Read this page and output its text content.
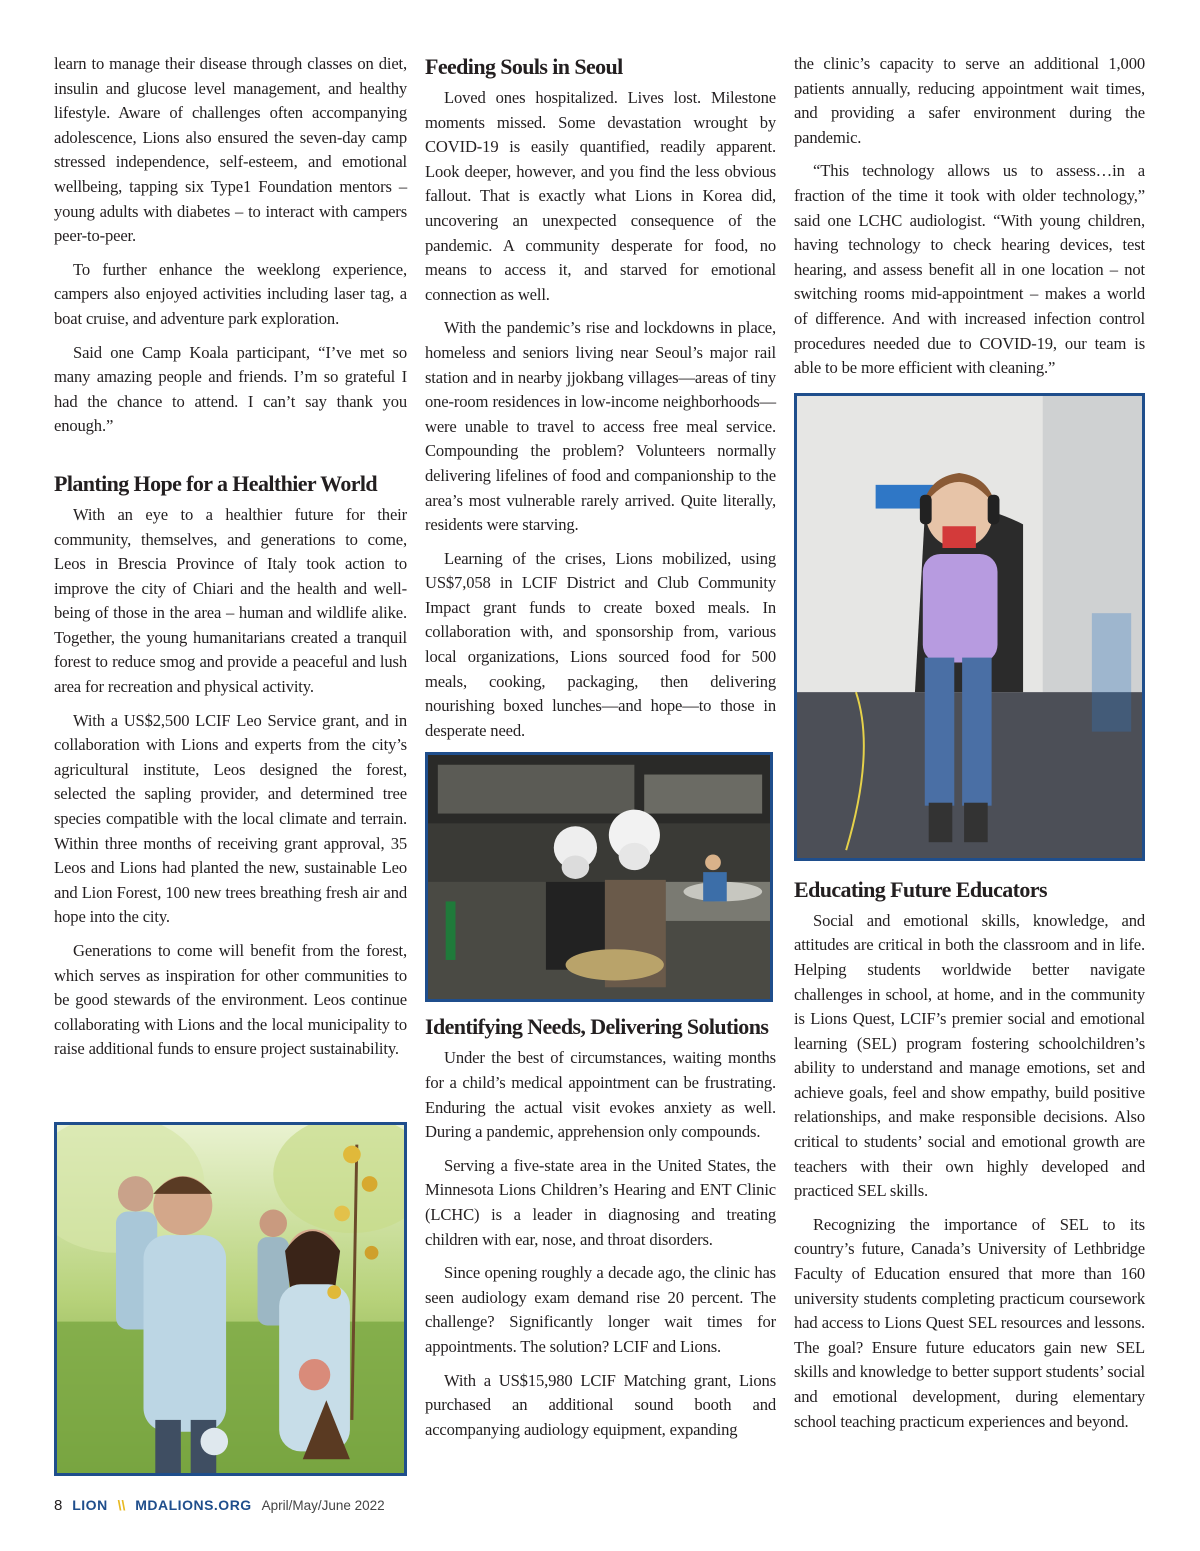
learn to manage their disease through classes on diet, insulin and glucose level management, and healthy lifestyle. Aware of challenges often accompanying adolescence, Lions also ensured the seven-day camp stressed independence, self-esteem, and emotional wellbeing, tapping six Type1 Foundation mentors – young adults with diabetes – to interact with campers peer-to-peer.

To further enhance the weeklong experience, campers also enjoyed activities including laser tag, a boat cruise, and adventure park exploration.

Said one Camp Koala participant, “I’ve met so many amazing people and friends. I’m so grateful I had the chance to attend. I can’t say thank you enough.”

Planting Hope for a Healthier World

With an eye to a healthier future for their community, themselves, and generations to come, Leos in Brescia Province of Italy took action to improve the city of Chiari and the health and well-being of those in the area – human and wildlife alike. Together, the young humanitarians created a tranquil forest to reduce smog and provide a peaceful and lush area for recreation and physical activity.

With a US$2,500 LCIF Leo Service grant, and in collaboration with Lions and experts from the city’s agricultural institute, Leos designed the forest, selected the sapling provider, and determined tree species compatible with the local climate and terrain. Within three months of receiving grant approval, 35 Leos and Lions had planted the new, sustainable Leo and Lion Forest, 100 new trees breathing fresh air and hope into the city.

Generations to come will benefit from the forest, which serves as inspiration for other communities to be good stewards of the environment. Leos continue collaborating with Lions and the local municipality to raise additional funds to ensure project sustainability.

Feeding Souls in Seoul

Loved ones hospitalized. Lives lost. Milestone moments missed. Some devastation wrought by COVID-19 is easily quantified, readily apparent. Look deeper, however, and you find the less obvious fallout. That is exactly what Lions in Korea did, uncovering an unexpected consequence of the pandemic. A community desperate for food, no means to access it, and starved for emotional connection as well.

With the pandemic’s rise and lockdowns in place, homeless and seniors living near Seoul’s major rail station and in nearby jjokbang villages—areas of tiny one-room residences in low-income neighborhoods— were unable to travel to access free meal service. Compounding the problem? Volunteers normally delivering lifelines of food and companionship to the area’s most vulnerable rarely arrived. Quite literally, residents were starving.

Learning of the crises, Lions mobilized, using US$7,058 in LCIF District and Club Community Impact grant funds to create boxed meals. In collaboration with, and sponsorship from, various local organizations, Lions sourced food for 500 meals, cooking, packaging, then delivering nourishing boxed lunches—and hope—to those in desperate need.

Identifying Needs, Delivering Solutions

Under the best of circumstances, waiting months for a child’s medical appointment can be frustrating. Enduring the actual visit evokes anxiety as well. During a pandemic, apprehension only compounds.

Serving a five-state area in the United States, the Minnesota Lions Children’s Hearing and ENT Clinic (LCHC) is a leader in diagnosing and treating children with ear, nose, and throat disorders.

Since opening roughly a decade ago, the clinic has seen audiology exam demand rise 20 percent. The challenge? Significantly longer wait times for appointments. The solution? LCIF and Lions.

With a US$15,980 LCIF Matching grant, Lions purchased an additional sound booth and accompanying audiology equipment, expanding

the clinic’s capacity to serve an additional 1,000 patients annually, reducing appointment wait times, and providing a safer environment during the pandemic.

“This technology allows us to assess…in a fraction of the time it took with older technology,” said one LCHC audiologist. “With young children, having technology to check hearing devices, test hearing, and assess benefit all in one location – not switching rooms mid-appointment – makes a world of difference. And with increased infection control procedures needed due to COVID-19, our team is able to be more efficient with cleaning.”

Educating Future Educators

Social and emotional skills, knowledge, and attitudes are critical in both the classroom and in life. Helping students worldwide better navigate challenges in school, at home, and in the community is Lions Quest, LCIF’s premier social and emotional learning (SEL) program fostering schoolchildren’s ability to understand and manage emotions, set and achieve goals, feel and show empathy, build positive relationships, and make responsible decisions. Also critical to students’ social and emotional growth are teachers with their own highly developed and practiced SEL skills.

Recognizing the importance of SEL to its country’s future, Canada’s University of Lethbridge Faculty of Education ensured that more than 160 university students completing practicum coursework had access to Lions Quest SEL resources and lessons. The goal? Ensure future educators gain new SEL skills and knowledge to better support students’ social and emotional development, during elementary school teaching practicum experiences and beyond.

8 LION \\ MDALIONS.ORG April/May/June 2022
